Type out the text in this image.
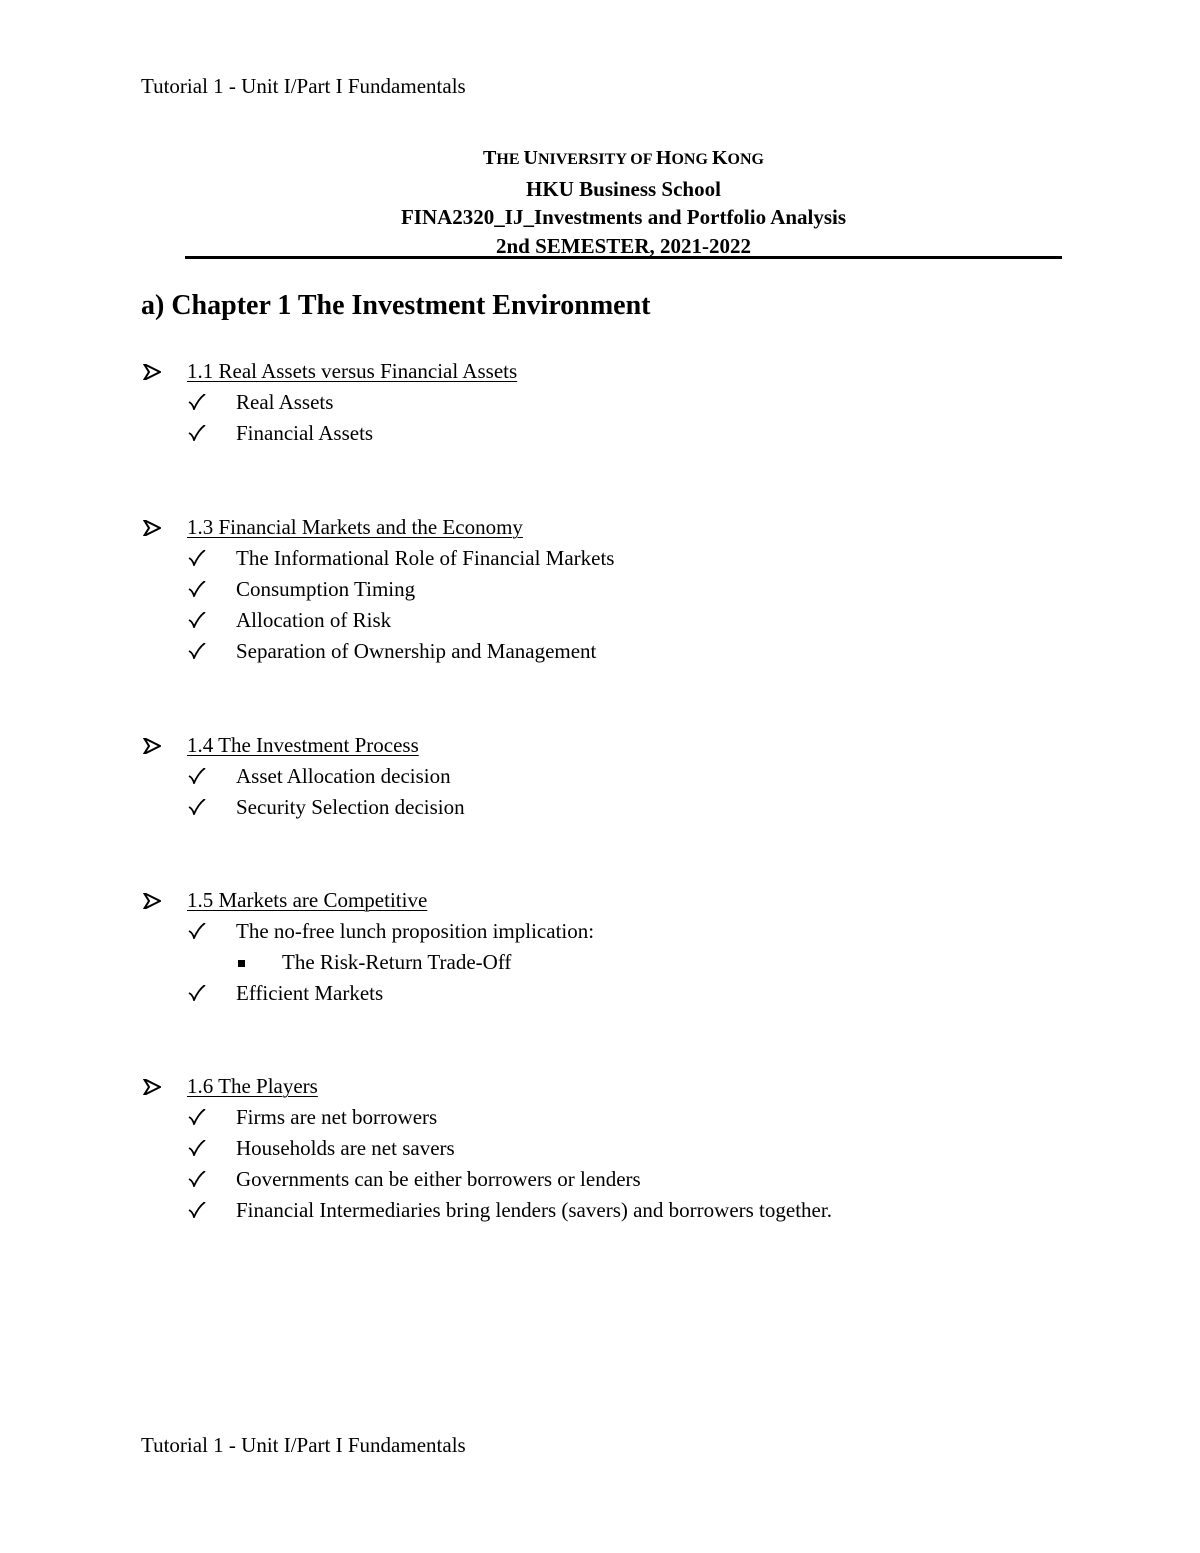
Tutorial 1 - Unit I/Part I Fundamentals
THE UNIVERSITY OF HONG KONG
HKU Business School
FINA2320_IJ_Investments and Portfolio Analysis
2nd SEMESTER, 2021-2022
a) Chapter 1 The Investment Environment
1.1 Real Assets versus Financial Assets
Real Assets
Financial Assets
1.3 Financial Markets and the Economy
The Informational Role of Financial Markets
Consumption Timing
Allocation of Risk
Separation of Ownership and Management
1.4 The Investment Process
Asset Allocation decision
Security Selection decision
1.5 Markets are Competitive
The no-free lunch proposition implication:
The Risk-Return Trade-Off
Efficient Markets
1.6 The Players
Firms are net borrowers
Households are net savers
Governments can be either borrowers or lenders
Financial Intermediaries bring lenders (savers) and borrowers together.
Tutorial 1 - Unit I/Part I Fundamentals
